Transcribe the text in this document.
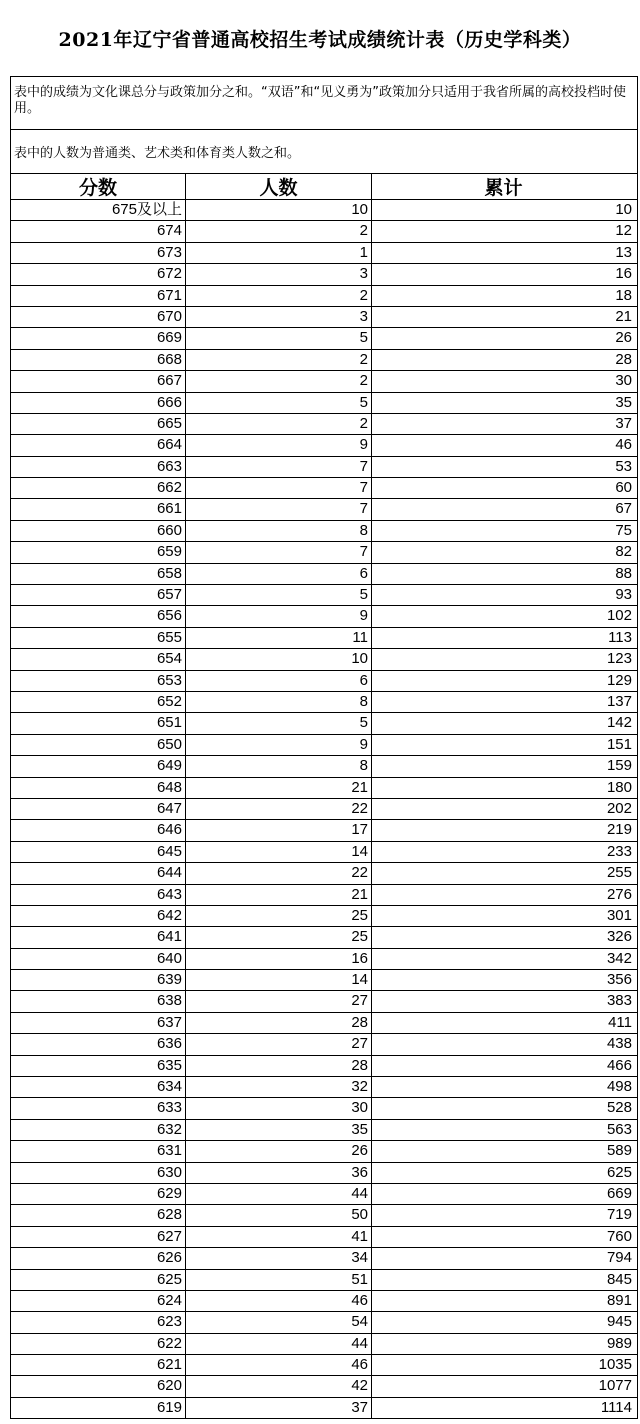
2021年辽宁省普通高校招生考试成绩统计表（历史学科类）
表中的成绩为文化课总分与政策加分之和。“双语”和“见义勇为”政策加分只适用于我省所属的高校投档时使用。
表中的人数为普通类、艺术类和体育类人数之和。
分数	人数	累计
675及以上	10	10
674	2	12
673	1	13
672	3	16
671	2	18
670	3	21
669	5	26
668	2	28
667	2	30
666	5	35
665	2	37
664	9	46
663	7	53
662	7	60
661	7	67
660	8	75
659	7	82
658	6	88
657	5	93
656	9	102
655	11	113
654	10	123
653	6	129
652	8	137
651	5	142
650	9	151
649	8	159
648	21	180
647	22	202
646	17	219
645	14	233
644	22	255
643	21	276
642	25	301
641	25	326
640	16	342
639	14	356
638	27	383
637	28	411
636	27	438
635	28	466
634	32	498
633	30	528
632	35	563
631	26	589
630	36	625
629	44	669
628	50	719
627	41	760
626	34	794
625	51	845
624	46	891
623	54	945
622	44	989
621	46	1035
620	42	1077
619	37	1114
